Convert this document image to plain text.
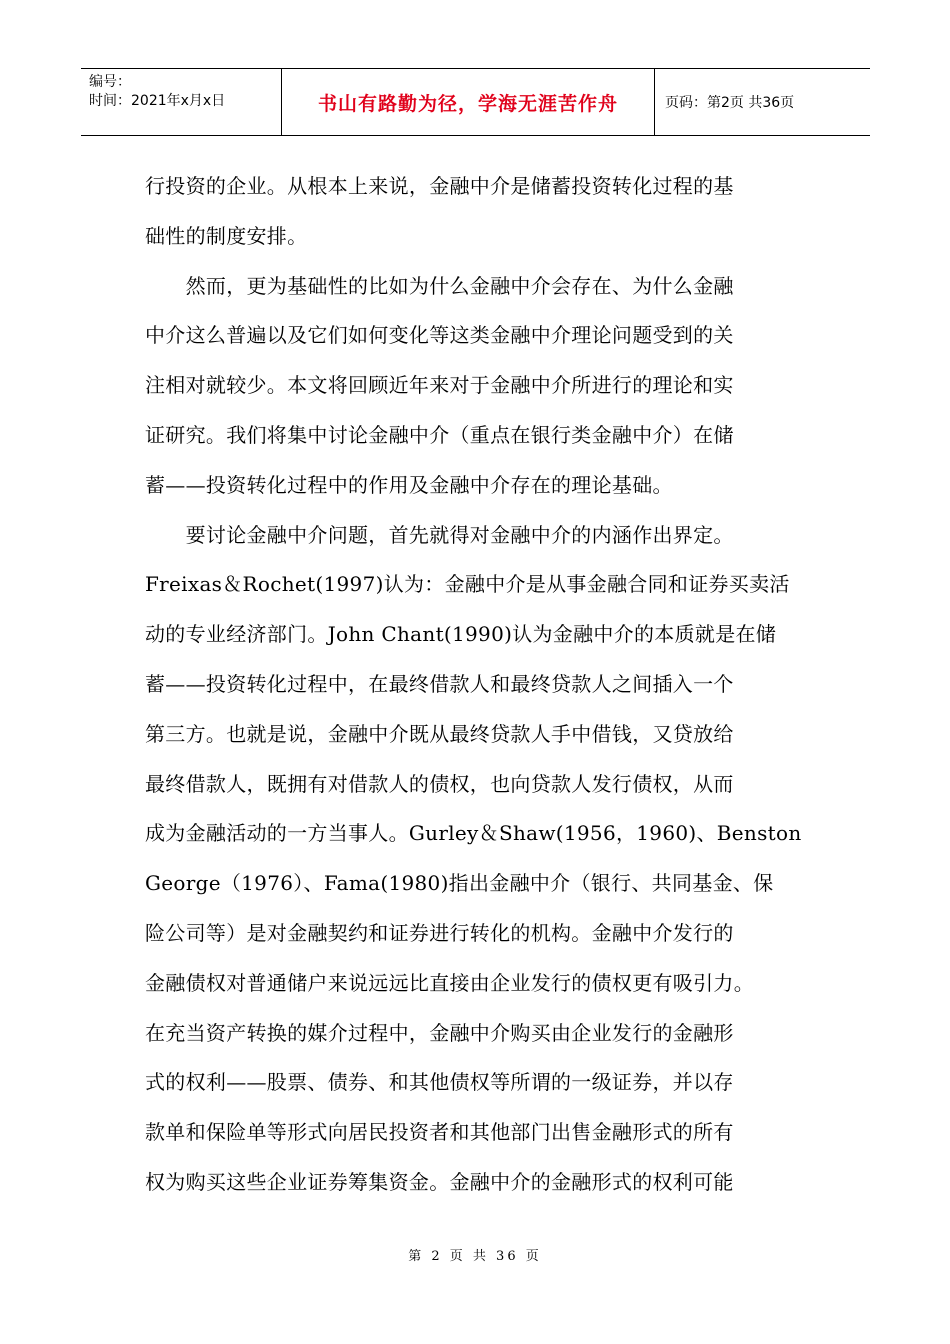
编号：
时间：2021年x月x日	书山有路勤为径，学海无涯苦作舟	页码：第2页 共36页
行投资的企业。从根本上来说，金融中介是储蓄投资转化过程的基
础性的制度安排。
　　然而，更为基础性的比如为什么金融中介会存在、为什么金融
中介这么普遍以及它们如何变化等这类金融中介理论问题受到的关
注相对就较少。本文将回顾近年来对于金融中介所进行的理论和实
证研究。我们将集中讨论金融中介（重点在银行类金融中介）在储
蓄——投资转化过程中的作用及金融中介存在的理论基础。
　　要讨论金融中介问题，首先就得对金融中介的内涵作出界定。
Freixas＆Rochet(1997)认为：金融中介是从事金融合同和证券买卖活
动的专业经济部门。John Chant(1990)认为金融中介的本质就是在储
蓄——投资转化过程中，在最终借款人和最终贷款人之间插入一个
第三方。也就是说，金融中介既从最终贷款人手中借钱，又贷放给
最终借款人，既拥有对借款人的债权，也向贷款人发行债权，从而
成为金融活动的一方当事人。Gurley＆Shaw(1956，1960)、Benston
George（1976）、Fama(1980)指出金融中介（银行、共同基金、保
险公司等）是对金融契约和证券进行转化的机构。金融中介发行的
金融债权对普通储户来说远远比直接由企业发行的债权更有吸引力。
在充当资产转换的媒介过程中，金融中介购买由企业发行的金融形
式的权利——股票、债券、和其他债权等所谓的一级证券，并以存
款单和保险单等形式向居民投资者和其他部门出售金融形式的所有
权为购买这些企业证券筹集资金。金融中介的金融形式的权利可能
第 2 页 共 36 页
